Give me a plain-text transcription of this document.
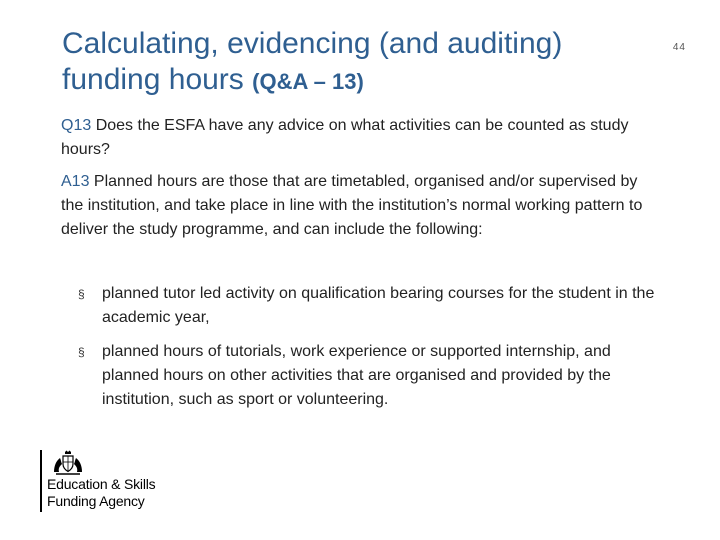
Calculating, evidencing (and auditing)
funding hours (Q&A – 13)
44

Q13 Does the ESFA have any advice on what activities can be counted as study hours?

A13 Planned hours are those that are timetabled, organised and/or supervised by the institution, and take place in line with the institution’s normal working pattern to deliver the study programme, and can include the following:

§	planned tutor led activity on qualification bearing courses for the student in the academic year,
§	planned hours of tutorials, work experience or supported internship, and planned hours on other activities that are organised and provided by the institution, such as sport or volunteering.
Education & Skills
Funding Agency
